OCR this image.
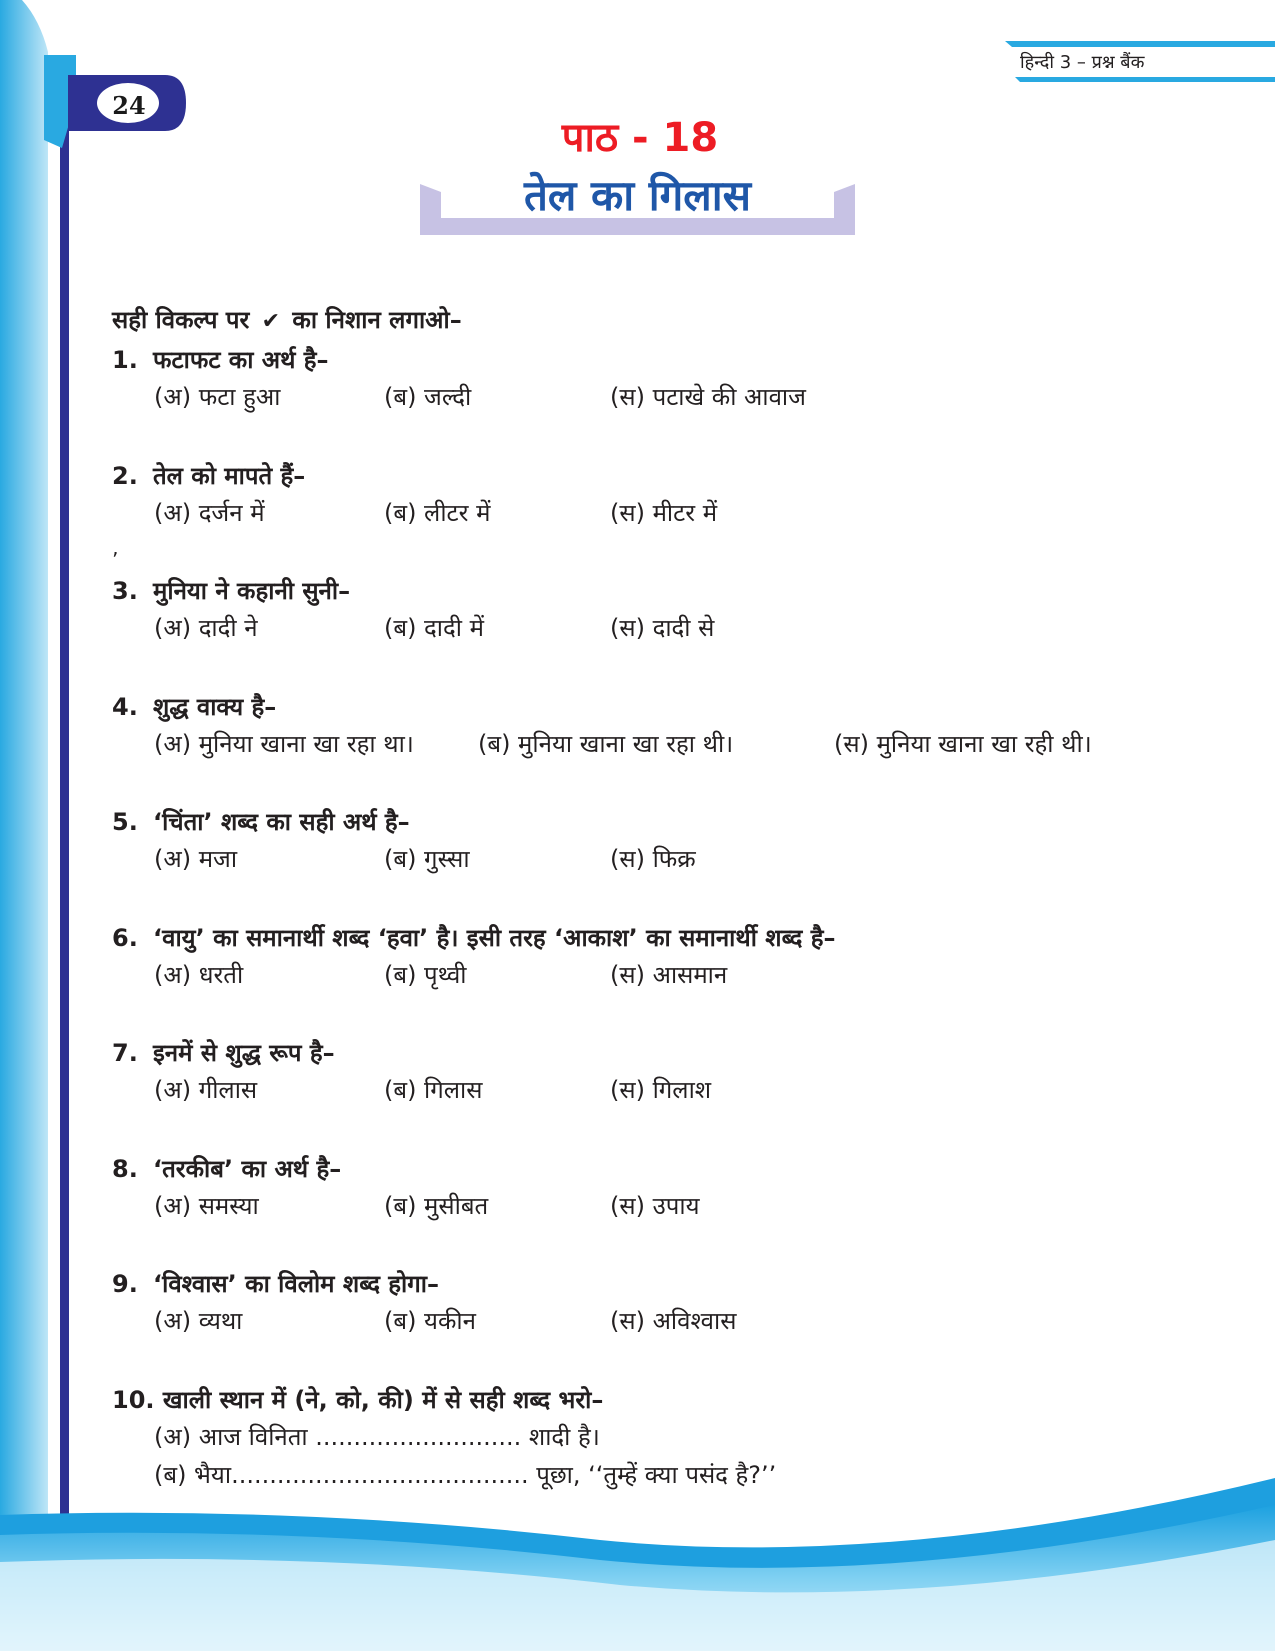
24
हिन्दी 3 – प्रश्न बैंक
पाठ - 18
तेल का गिलास
सही विकल्प पर ✔ का निशान लगाओ–
’
1. फटाफट का अर्थ है–
(अ) फटा हुआ	(ब) जल्दी	(स) पटाखे की आवाज
2. तेल को मापते हैं–
(अ) दर्जन में	(ब) लीटर में	(स) मीटर में
3. मुनिया ने कहानी सुनी–
(अ) दादी ने	(ब) दादी में	(स) दादी से
4. शुद्ध वाक्य है–
(अ) मुनिया खाना खा रहा था।	(ब) मुनिया खाना खा रहा थी।	(स) मुनिया खाना खा रही थी।
5. ‘चिंता’ शब्द का सही अर्थ है–
(अ) मजा	(ब) गुस्सा	(स) फिक्र
6. ‘वायु’ का समानार्थी शब्द ‘हवा’ है। इसी तरह ‘आकाश’ का समानार्थी शब्द है–
(अ) धरती	(ब) पृथ्वी	(स) आसमान
7. इनमें से शुद्ध रूप है–
(अ) गीलास	(ब) गिलास	(स) गिलाश
8. ‘तरकीब’ का अर्थ है–
(अ) समस्या	(ब) मुसीबत	(स) उपाय
9. ‘विश्वास’ का विलोम शब्द होगा–
(अ) व्यथा	(ब) यकीन	(स) अविश्वास
10. खाली स्थान में (ने, को, की) में से सही शब्द भरो–
(अ) आज विनिता ........................... शादी है।
(ब) भैया....................................... पूछा, ‘‘तुम्हें क्या पसंद है?’’
